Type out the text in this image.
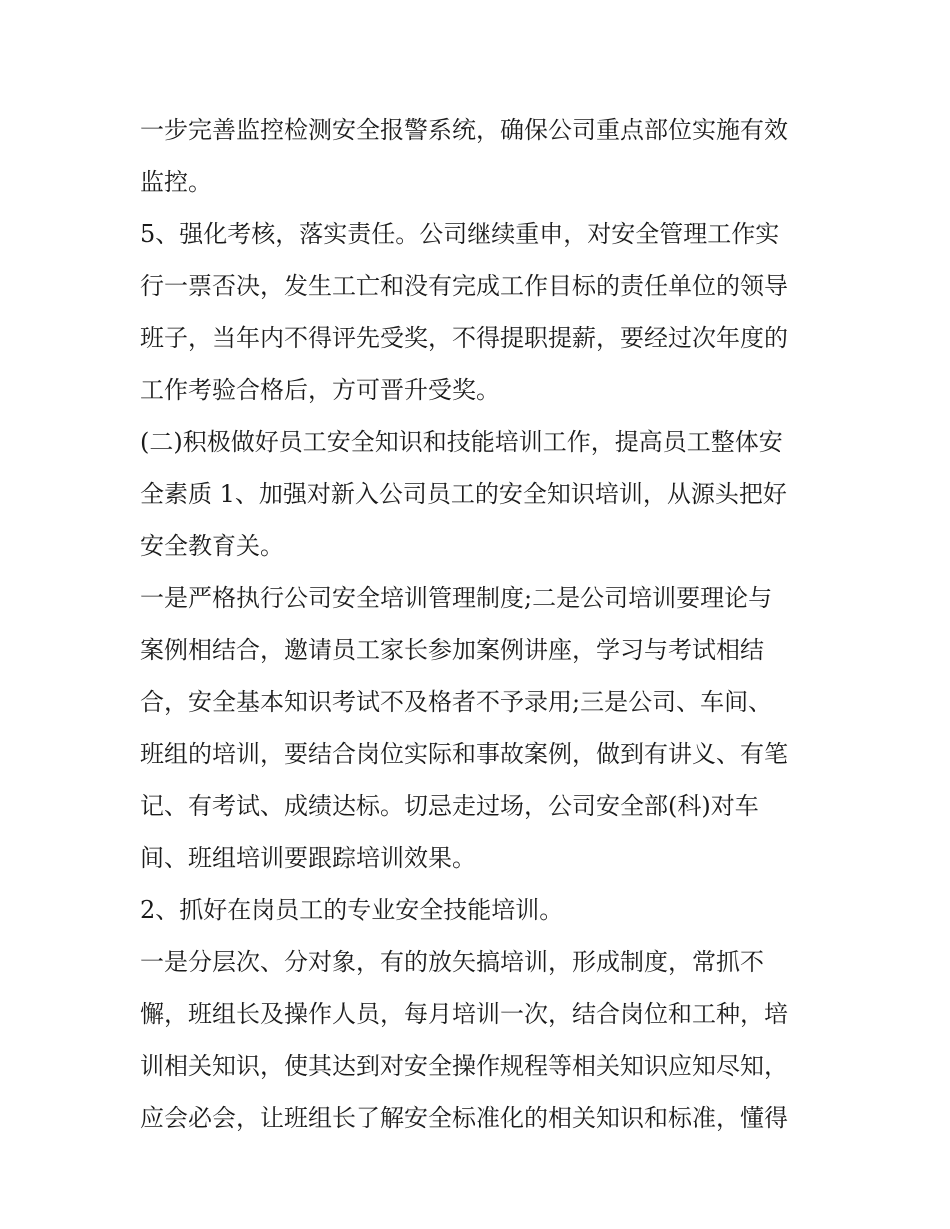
一步完善监控检测安全报警系统，确保公司重点部位实施有效
监控。
5、强化考核，落实责任。公司继续重申，对安全管理工作实
行一票否决，发生工亡和没有完成工作目标的责任单位的领导
班子，当年内不得评先受奖，不得提职提薪，要经过次年度的
工作考验合格后，方可晋升受奖。
(二)积极做好员工安全知识和技能培训工作，提高员工整体安
全素质 1、加强对新入公司员工的安全知识培训，从源头把好
安全教育关。
一是严格执行公司安全培训管理制度;二是公司培训要理论与
案例相结合，邀请员工家长参加案例讲座，学习与考试相结
合，安全基本知识考试不及格者不予录用;三是公司、车间、
班组的培训，要结合岗位实际和事故案例，做到有讲义、有笔
记、有考试、成绩达标。切忌走过场，公司安全部(科)对车
间、班组培训要跟踪培训效果。
2、抓好在岗员工的专业安全技能培训。
一是分层次、分对象，有的放矢搞培训，形成制度，常抓不
懈，班组长及操作人员，每月培训一次，结合岗位和工种，培
训相关知识，使其达到对安全操作规程等相关知识应知尽知，
应会必会，让班组长了解安全标准化的相关知识和标准，懂得
